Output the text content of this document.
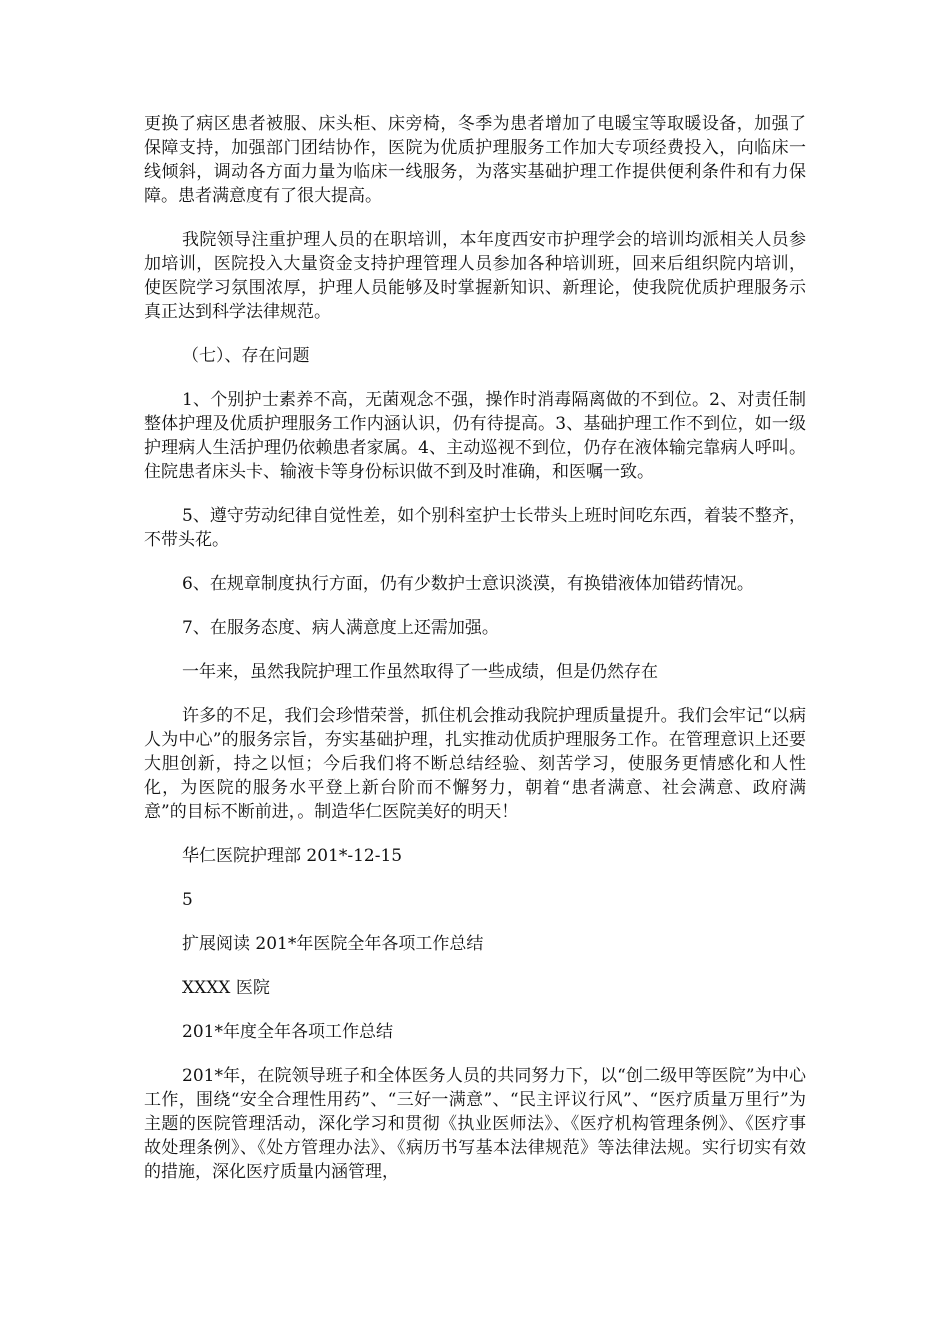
更换了病区患者被服、床头柜、床旁椅，冬季为患者增加了电暖宝等取暖设备，加强了保障支持，加强部门团结协作，医院为优质护理服务工作加大专项经费投入，向临床一线倾斜，调动各方面力量为临床一线服务，为落实基础护理工作提供便利条件和有力保障。患者满意度有了很大提高。

我院领导注重护理人员的在职培训，本年度西安市护理学会的培训均派相关人员参加培训，医院投入大量资金支持护理管理人员参加各种培训班，回来后组织院内培训，使医院学习氛围浓厚，护理人员能够及时掌握新知识、新理论，使我院优质护理服务示真正达到科学法律规范。

（七）、存在问题

1、个别护士素养不高，无菌观念不强，操作时消毒隔离做的不到位。2、对责任制整体护理及优质护理服务工作内涵认识，仍有待提高。3、基础护理工作不到位，如一级护理病人生活护理仍依赖患者家属。4、主动巡视不到位，仍存在液体输完靠病人呼叫。住院患者床头卡、输液卡等身份标识做不到及时准确，和医嘱一致。

5、遵守劳动纪律自觉性差，如个别科室护士长带头上班时间吃东西，着装不整齐，不带头花。

6、在规章制度执行方面，仍有少数护士意识淡漠，有换错液体加错药情况。

7、在服务态度、病人满意度上还需加强。

一年来，虽然我院护理工作虽然取得了一些成绩，但是仍然存在

许多的不足，我们会珍惜荣誉，抓住机会推动我院护理质量提升。我们会牢记“以病人为中心”的服务宗旨，夯实基础护理，扎实推动优质护理服务工作。在管理意识上还要大胆创新，持之以恒；今后我们将不断总结经验、刻苦学习，使服务更情感化和人性化，为医院的服务水平登上新台阶而不懈努力，朝着“患者满意、社会满意、政府满意”的目标不断前进，。制造华仁医院美好的明天！

华仁医院护理部 201*-12-15

5

扩展阅读 201*年医院全年各项工作总结

XXXX 医院

201*年度全年各项工作总结

201*年，在院领导班子和全体医务人员的共同努力下，以“创二级甲等医院”为中心工作，围绕“安全合理性用药”、“三好一满意”、“民主评议行风”、“医疗质量万里行”为主题的医院管理活动，深化学习和贯彻《执业医师法》、《医疗机构管理条例》、《医疗事故处理条例》、《处方管理办法》、《病历书写基本法律规范》等法律法规。实行切实有效的措施，深化医疗质量内涵管理，
